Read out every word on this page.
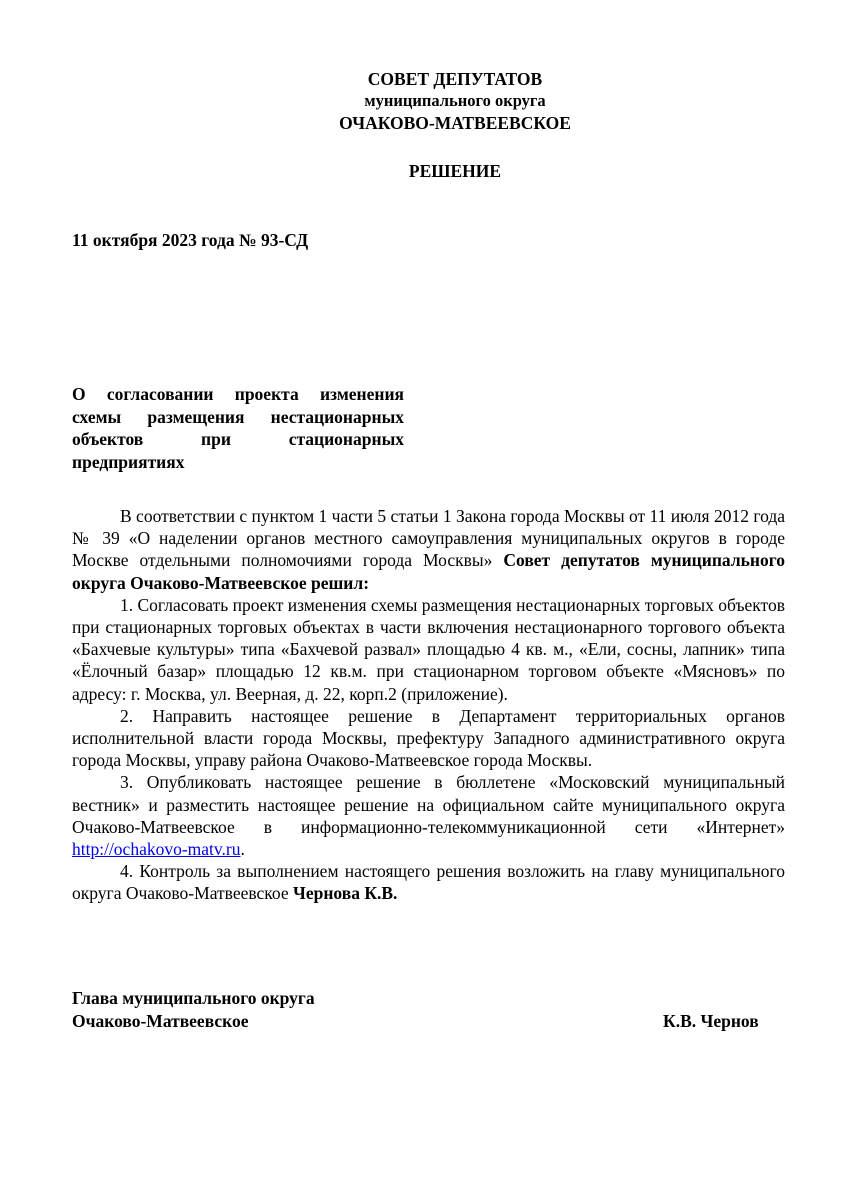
СОВЕТ ДЕПУТАТОВ
муниципального округа
ОЧАКОВО-МАТВЕЕВСКОЕ
РЕШЕНИЕ
11 октября 2023 года № 93-СД
О согласовании проекта изменения схемы размещения нестационарных объектов при стационарных предприятиях

В соответствии с пунктом 1 части 5 статьи 1 Закона города Москвы от 11 июля 2012 года № 39 «О наделении органов местного самоуправления муниципальных округов в городе Москве отдельными полномочиями города Москвы» Совет депутатов муниципального округа Очаково-Матвеевское решил:

1. Согласовать проект изменения схемы размещения нестационарных торговых объектов при стационарных торговых объектах в части включения нестационарного торгового объекта «Бахчевые культуры» типа «Бахчевой развал» площадью 4 кв. м., «Ели, сосны, лапник» типа «Ёлочный базар» площадью 12 кв.м. при стационарном торговом объекте «Мясновъ» по адресу: г. Москва, ул. Веерная, д. 22, корп.2 (приложение).

2. Направить настоящее решение в Департамент территориальных органов исполнительной власти города Москвы, префектуру Западного административного округа города Москвы, управу района Очаково-Матвеевское города Москвы.

3. Опубликовать настоящее решение в бюллетене «Московский муниципальный вестник» и разместить настоящее решение на официальном сайте муниципального округа Очаково-Матвеевское в информационно-телекоммуникационной сети «Интернет» http://ochakovo-matv.ru.

4. Контроль за выполнением настоящего решения возложить на главу муниципального округа Очаково-Матвеевское Чернова К.В.

Глава муниципального округа
Очаково-Матвеевское	К.В. Чернов
